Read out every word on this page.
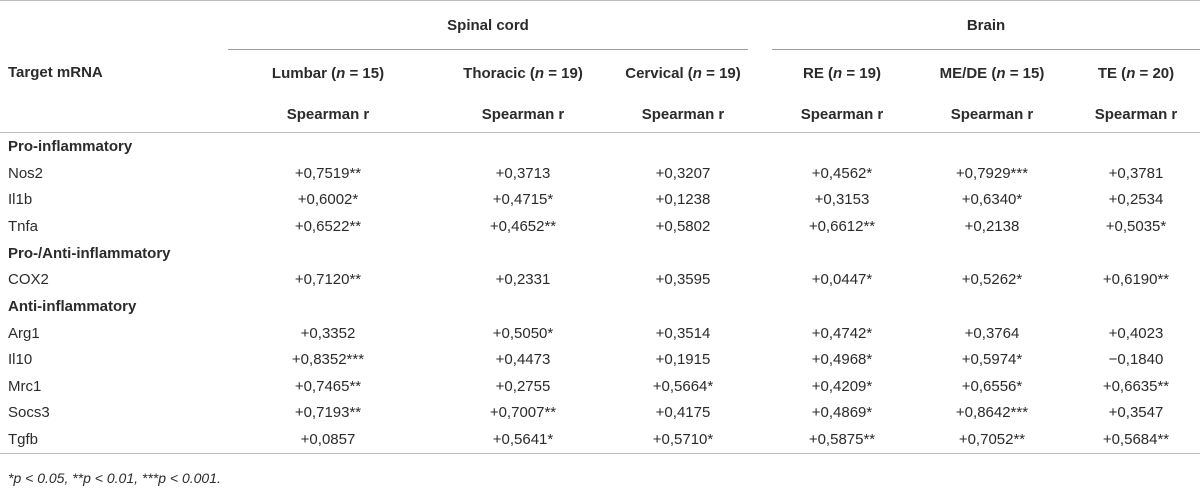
	Spinal cord				Brain		
Target mRNA	Lumbar (n = 15)	Thoracic (n = 19)	Cervical (n = 19)		RE (n = 19)	ME/DE (n = 15)	TE (n = 20)
	Spearman r	Spearman r	Spearman r		Spearman r	Spearman r	Spearman r

Pro-inflammatory							
Nos2	+0,7519**	+0,3713	+0,3207		+0,4562*	+0,7929***	+0,3781
Il1b	+0,6002*	+0,4715*	+0,1238		+0,3153	+0,6340*	+0,2534
Tnfa	+0,6522**	+0,4652**	+0,5802		+0,6612**	+0,2138	+0,5035*
Pro-/Anti-inflammatory							
COX2	+0,7120**	+0,2331	+0,3595		+0,0447*	+0,5262*	+0,6190**
Anti-inflammatory							
Arg1	+0,3352	+0,5050*	+0,3514		+0,4742*	+0,3764	+0,4023
Il10	+0,8352***	+0,4473	+0,1915		+0,4968*	+0,5974*	−0,1840
Mrc1	+0,7465**	+0,2755	+0,5664*		+0,4209*	+0,6556*	+0,6635**
Socs3	+0,7193**	+0,7007**	+0,4175		+0,4869*	+0,8642***	+0,3547
Tgfb	+0,0857	+0,5641*	+0,5710*		+0,5875**	+0,7052**	+0,5684**

*p < 0.05, **p < 0.01, ***p < 0.001.
